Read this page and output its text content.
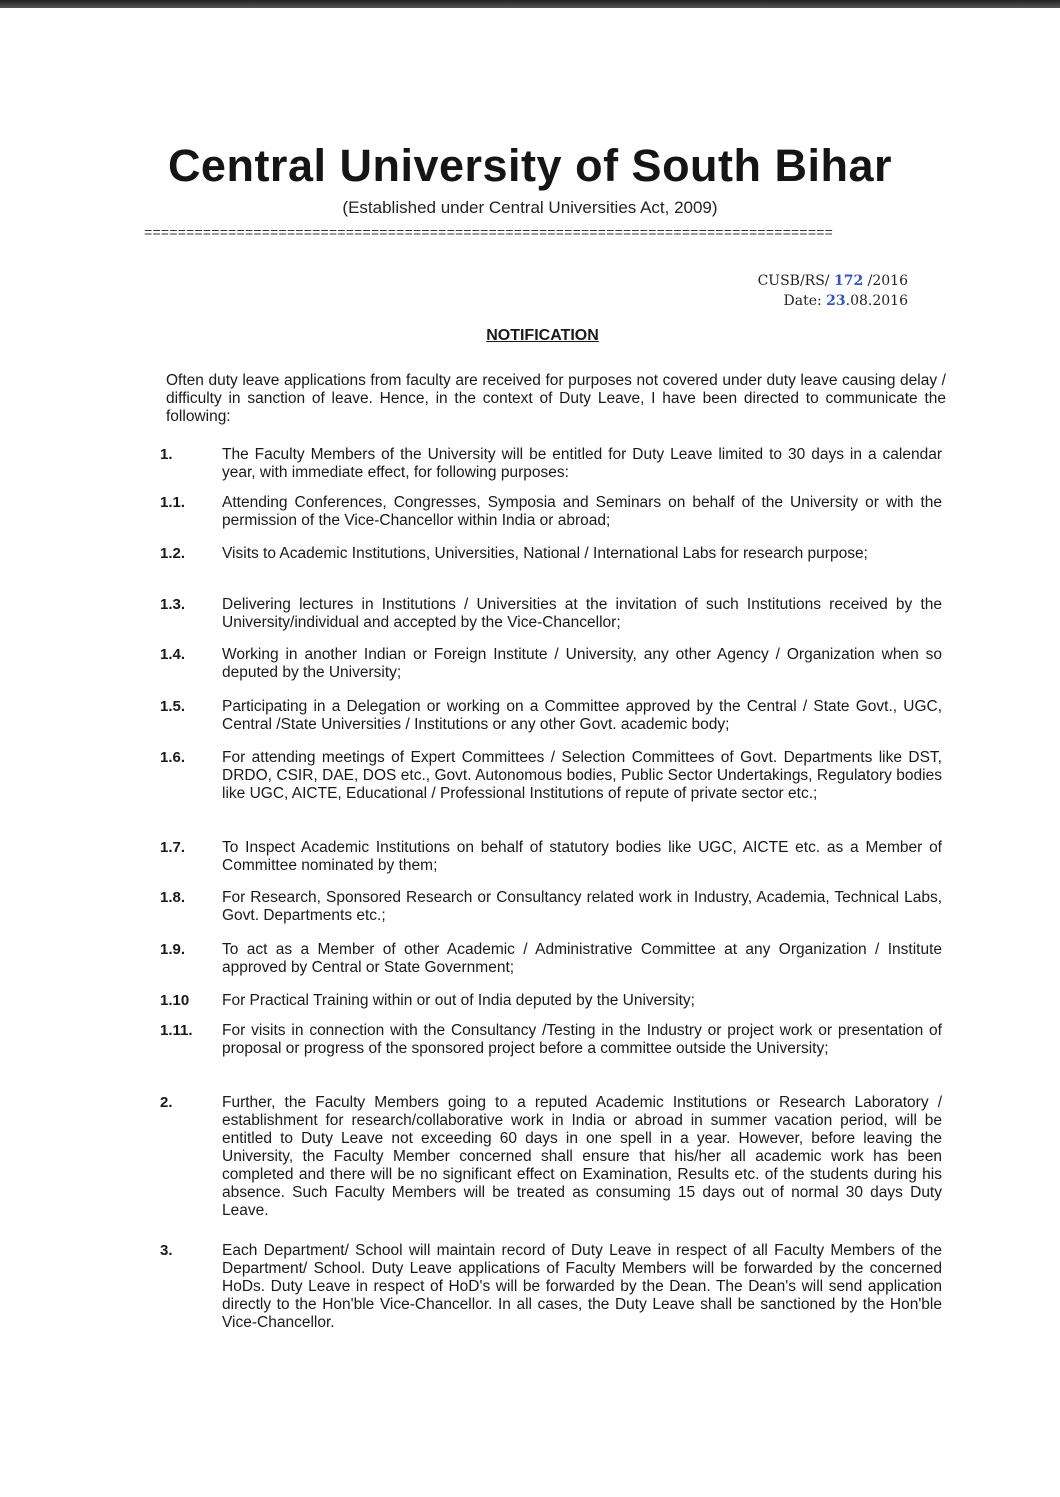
Central University of South Bihar
(Established under Central Universities Act, 2009)
==================================================================================
CUSB/RS/ 172 /2016
Date: 23.08.2016
NOTIFICATION
Often duty leave applications from faculty are received for purposes not covered under duty leave causing delay / difficulty in sanction of leave. Hence, in the context of Duty Leave, I have been directed to communicate the following:
1.	The Faculty Members of the University will be entitled for Duty Leave limited to 30 days in a calendar year, with immediate effect, for following purposes:
1.1. Attending Conferences, Congresses, Symposia and Seminars on behalf of the University or with the permission of the Vice-Chancellor within India or abroad;
1.2. Visits to Academic Institutions, Universities, National / International Labs for research purpose;
1.3. Delivering lectures in Institutions / Universities at the invitation of such Institutions received by the University/individual and accepted by the Vice-Chancellor;
1.4. Working in another Indian or Foreign Institute / University, any other Agency / Organization when so deputed by the University;
1.5. Participating in a Delegation or working on a Committee approved by the Central / State Govt., UGC, Central /State Universities / Institutions or any other Govt. academic body;
1.6. For attending meetings of Expert Committees / Selection Committees of Govt. Departments like DST, DRDO, CSIR, DAE, DOS etc., Govt. Autonomous bodies, Public Sector Undertakings, Regulatory bodies like UGC, AICTE, Educational / Professional Institutions of repute of private sector etc.;
1.7. To Inspect Academic Institutions on behalf of statutory bodies like UGC, AICTE etc. as a Member of Committee nominated by them;
1.8. For Research, Sponsored Research or Consultancy related work in Industry, Academia, Technical Labs, Govt. Departments etc.;
1.9. To act as a Member of other Academic / Administrative Committee at any Organization / Institute approved by Central or State Government;
1.10 For Practical Training within or out of India deputed by the University;
1.11. For visits in connection with the Consultancy /Testing in the Industry or project work or presentation of proposal or progress of the sponsored project before a committee outside the University;
2.	Further, the Faculty Members going to a reputed Academic Institutions or Research Laboratory / establishment for research/collaborative work in India or abroad in summer vacation period, will be entitled to Duty Leave not exceeding 60 days in one spell in a year. However, before leaving the University, the Faculty Member concerned shall ensure that his/her all academic work has been completed and there will be no significant effect on Examination, Results etc. of the students during his absence. Such Faculty Members will be treated as consuming 15 days out of normal 30 days Duty Leave.
3.	Each Department/ School will maintain record of Duty Leave in respect of all Faculty Members of the Department/ School. Duty Leave applications of Faculty Members will be forwarded by the concerned HoDs. Duty Leave in respect of HoD's will be forwarded by the Dean. The Dean's will send application directly to the Hon'ble Vice-Chancellor. In all cases, the Duty Leave shall be sanctioned by the Hon'ble Vice-Chancellor.
